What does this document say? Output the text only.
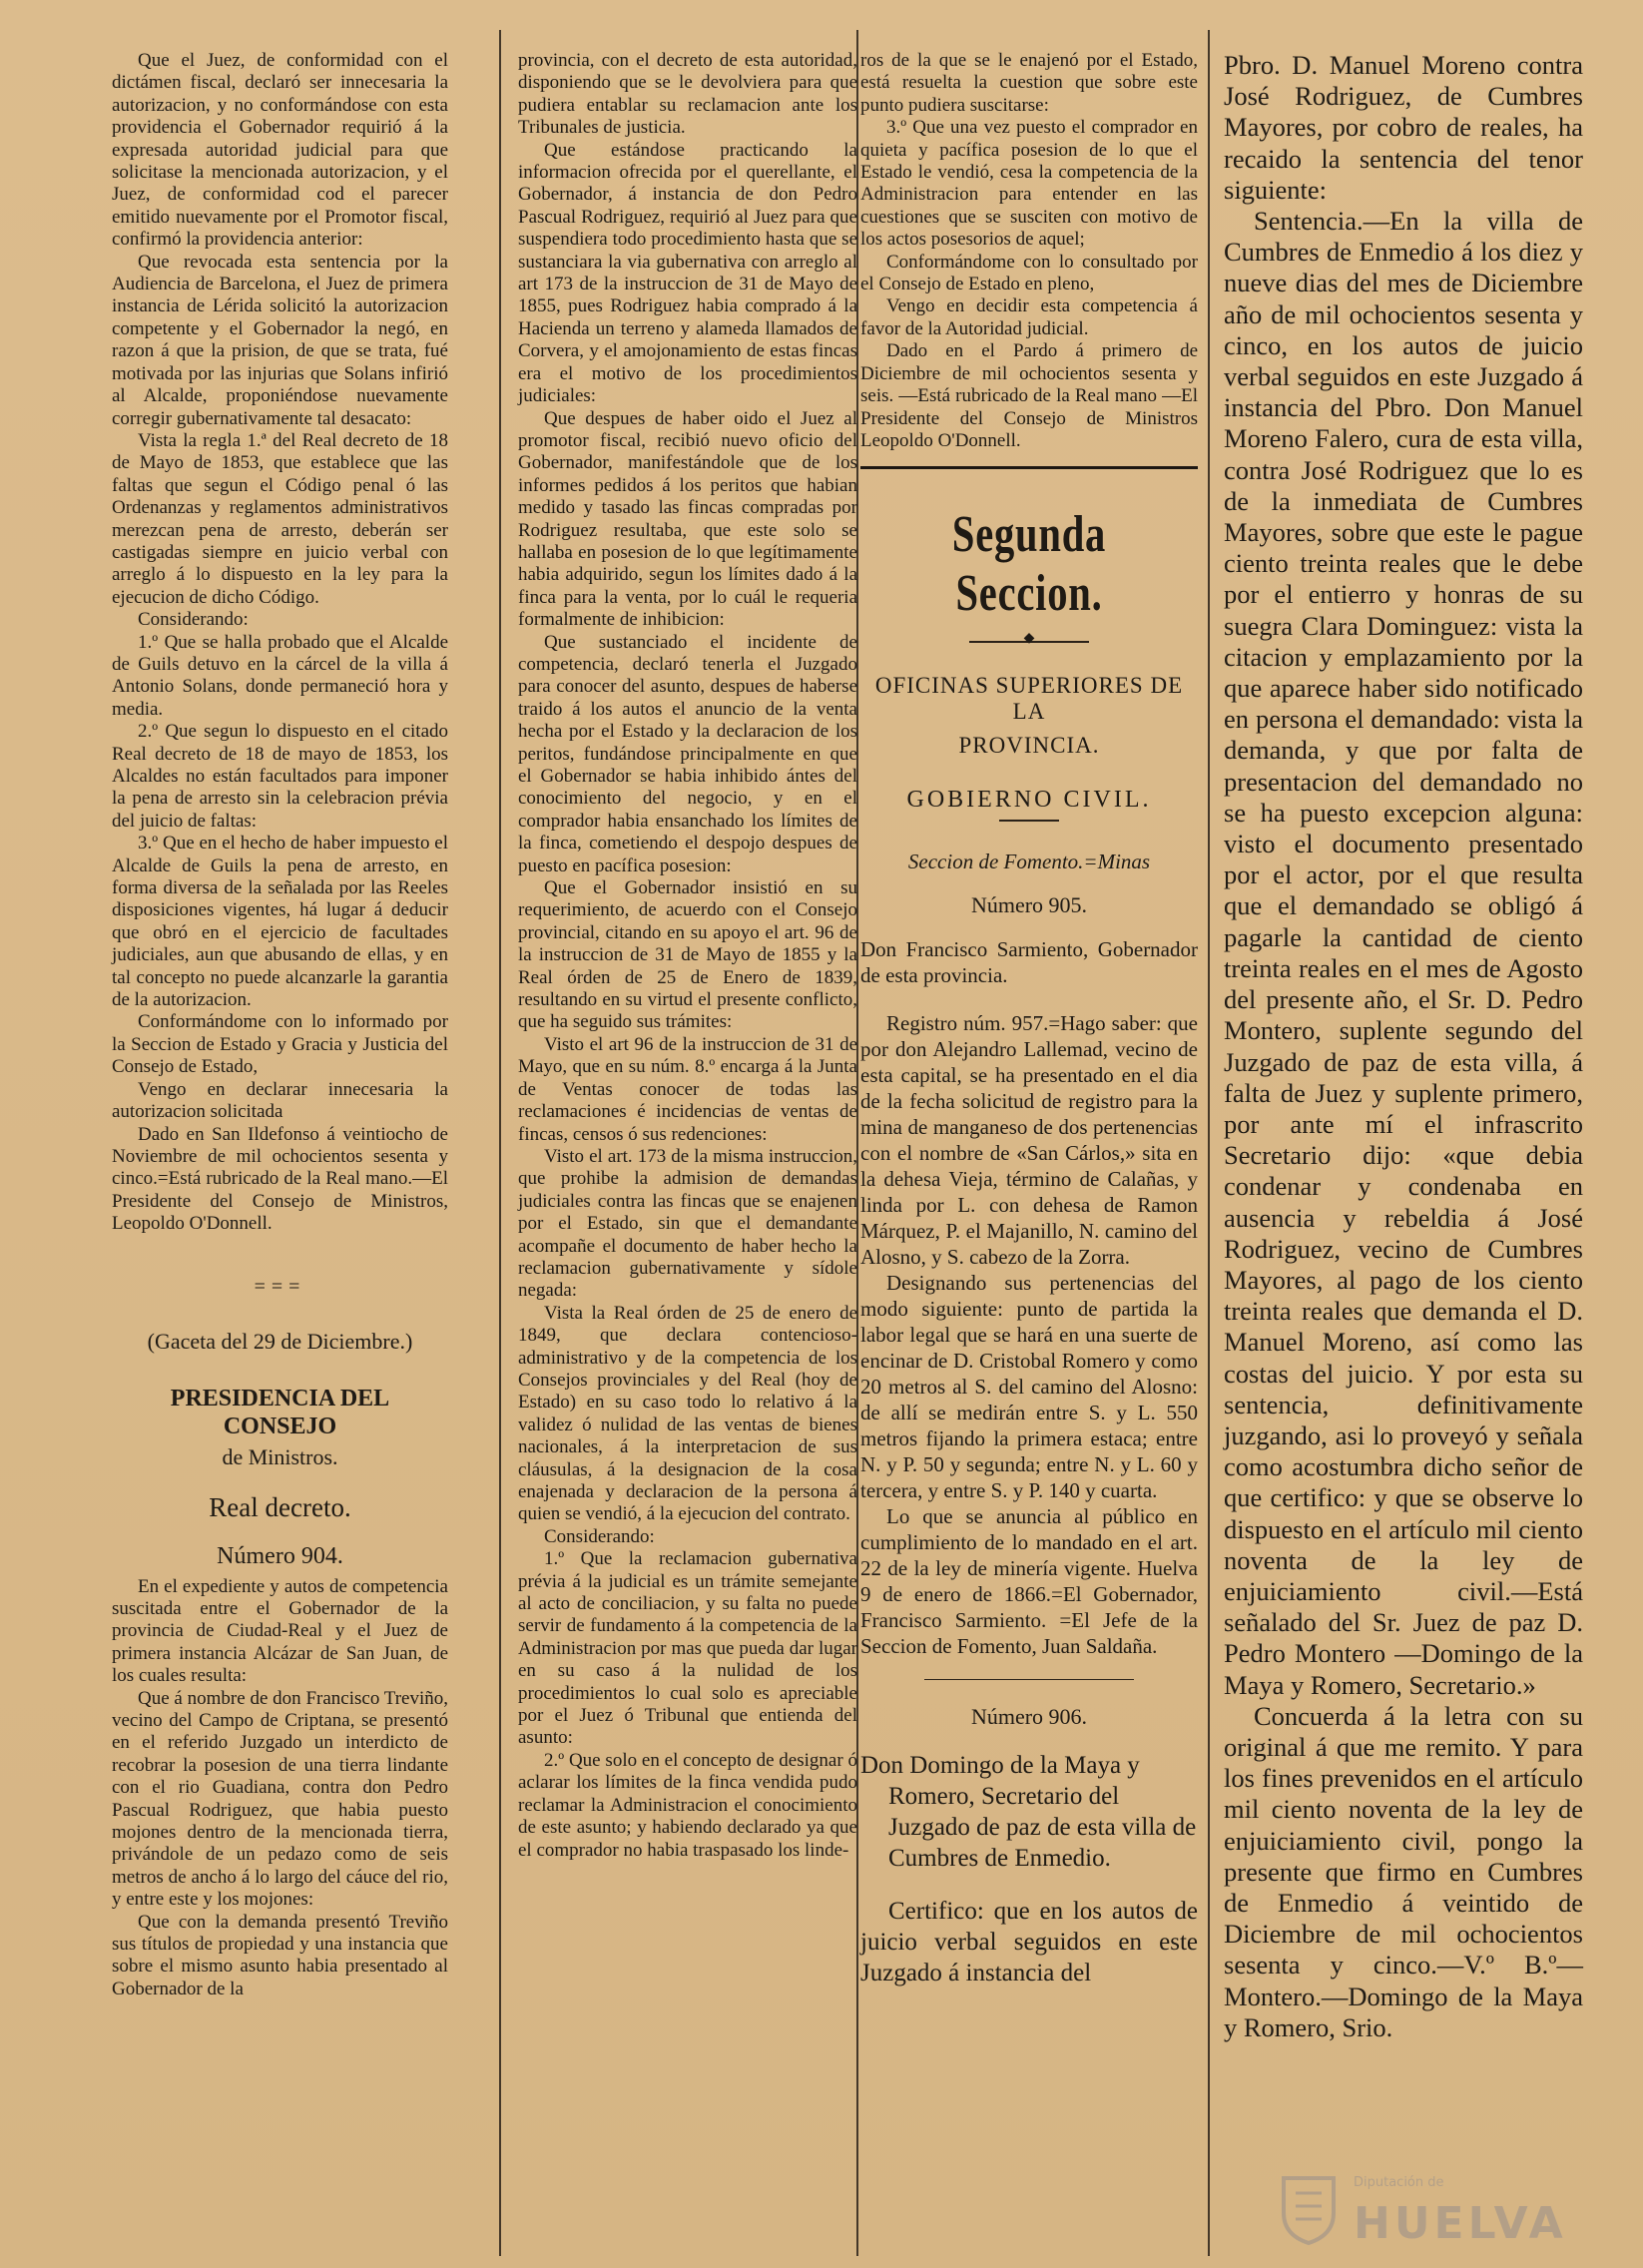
Que el Juez, de conformidad con el dictámen fiscal, declaró ser innecesaria la autorizacion, y no conformándose con esta providencia el Gobernador requirió á la expresada autoridad judicial para que solicitase la mencionada autorizacion, y el Juez, de conformidad cod el parecer emitido nuevamente por el Promotor fiscal, confirmó la providencia anterior:

Que revocada esta sentencia por la Audiencia de Barcelona, el Juez de primera instancia de Lérida solicitó la autorizacion competente y el Gobernador la negó, en razon á que la prision, de que se trata, fué motivada por las injurias que Solans infirió al Alcalde, proponiéndose nuevamente corregir gubernativamente tal desacato:

Vista la regla 1.ª del Real decreto de 18 de Mayo de 1853, que establece que las faltas que segun el Código penal ó las Ordenanzas y reglamentos administrativos merezcan pena de arresto, deberán ser castigadas siempre en juicio verbal con arreglo á lo dispuesto en la ley para la ejecucion de dicho Código.

Considerando:

1.º Que se halla probado que el Alcalde de Guils detuvo en la cárcel de la villa á Antonio Solans, donde permaneció hora y media.

2.º Que segun lo dispuesto en el citado Real decreto de 18 de mayo de 1853, los Alcaldes no están facultados para imponer la pena de arresto sin la celebracion prévia del juicio de faltas:

3.º Que en el hecho de haber impuesto el Alcalde de Guils la pena de arresto, en forma diversa de la señalada por las Reeles disposiciones vigentes, há lugar á deducir que obró en el ejercicio de facultades judiciales, aun que abusando de ellas, y en tal concepto no puede alcanzarle la garantia de la autorizacion.

Conformándome con lo informado por la Seccion de Estado y Gracia y Justicia del Consejo de Estado,

Vengo en declarar innecesaria la autorizacion solicitada

Dado en San Ildefonso á veintiocho de Noviembre de mil ochocientos sesenta y cinco.=Está rubricado de la Real mano.—El Presidente del Consejo de Ministros, Leopoldo O'Donnell.

===
(Gaceta del 29 de Diciembre.)
PRESIDENCIA DEL CONSEJO
de Ministros.
Real decreto.
Número 904.

En el expediente y autos de competencia suscitada entre el Gobernador de la provincia de Ciudad-Real y el Juez de primera instancia Alcázar de San Juan, de los cuales resulta:

Que á nombre de don Francisco Treviño, vecino del Campo de Criptana, se presentó en el referido Juzgado un interdicto de recobrar la posesion de una tierra lindante con el rio Guadiana, contra don Pedro Pascual Rodriguez, que habia puesto mojones dentro de la mencionada tierra, privándole de un pedazo como de seis metros de ancho á lo largo del cáuce del rio, y entre este y los mojones:

Que con la demanda presentó Treviño sus títulos de propiedad y una instancia que sobre el mismo asunto habia presentado al Gobernador de la

provincia, con el decreto de esta autoridad, disponiendo que se le devolviera para que pudiera entablar su reclamacion ante los Tribunales de justicia.

Que estándose practicando la informacion ofrecida por el querellante, el Gobernador, á instancia de don Pedro Pascual Rodriguez, requirió al Juez para que suspendiera todo procedimiento hasta que se sustanciara la via gubernativa con arreglo al art 173 de la instruccion de 31 de Mayo de 1855, pues Rodriguez habia comprado á la Hacienda un terreno y alameda llamados de Corvera, y el amojonamiento de estas fincas era el motivo de los procedimientos judiciales:

Que despues de haber oido el Juez al promotor fiscal, recibió nuevo oficio del Gobernador, manifestándole que de los informes pedidos á los peritos que habian medido y tasado las fincas compradas por Rodriguez resultaba, que este solo se hallaba en posesion de lo que legítimamente habia adquirido, segun los límites dado á la finca para la venta, por lo cuál le requeria formalmente de inhibicion:

Que sustanciado el incidente de competencia, declaró tenerla el Juzgado para conocer del asunto, despues de haberse traido á los autos el anuncio de la venta hecha por el Estado y la declaracion de los peritos, fundándose principalmente en que el Gobernador se habia inhibido ántes del conocimiento del negocio, y en el comprador habia ensanchado los límites de la finca, cometiendo el despojo despues de puesto en pacífica posesion:

Que el Gobernador insistió en su requerimiento, de acuerdo con el Consejo provincial, citando en su apoyo el art. 96 de la instruccion de 31 de Mayo de 1855 y la Real órden de 25 de Enero de 1839, resultando en su virtud el presente conflicto, que ha seguido sus trámites:

Visto el art 96 de la instruccion de 31 de Mayo, que en su núm. 8.º encarga á la Junta de Ventas conocer de todas las reclamaciones é incidencias de ventas de fincas, censos ó sus redenciones:

Visto el art. 173 de la misma instruccion, que prohibe la admision de demandas judiciales contra las fincas que se enajenen por el Estado, sin que el demandante acompañe el documento de haber hecho la reclamacion gubernativamente y sídole negada:

Vista la Real órden de 25 de enero de 1849, que declara contencioso-administrativo y de la competencia de los Consejos provinciales y del Real (hoy de Estado) en su caso todo lo relativo á la validez ó nulidad de las ventas de bienes nacionales, á la interpretacion de sus cláusulas, á la designacion de la cosa enajenada y declaracion de la persona á quien se vendió, á la ejecucion del contrato.

Considerando:

1.º Que la reclamacion gubernativa prévia á la judicial es un trámite semejante al acto de conciliacion, y su falta no puede servir de fundamento á la competencia de la Administracion por mas que pueda dar lugar en su caso á la nulidad de los procedimientos lo cual solo es apreciable por el Juez ó Tribunal que entienda del asunto:

2.º Que solo en el concepto de designar ó aclarar los límites de la finca vendida pudo reclamar la Administracion el conocimiento de este asunto; y habiendo declarado ya que el comprador no habia traspasado los linde-

ros de la que se le enajenó por el Estado, está resuelta la cuestion que sobre este punto pudiera suscitarse:

3.º Que una vez puesto el comprador en quieta y pacífica posesion de lo que el Estado le vendió, cesa la competencia de la Administracion para entender en las cuestiones que se susciten con motivo de los actos posesorios de aquel;

Conformándome con lo consultado por el Consejo de Estado en pleno,

Vengo en decidir esta competencia á favor de la Autoridad judicial.

Dado en el Pardo á primero de Diciembre de mil ochocientos sesenta y seis. —Está rubricado de la Real mano —El Presidente del Consejo de Ministros Leopoldo O'Donnell.

Segunda Seccion.
◆
OFICINAS SUPERIORES DE LA
PROVINCIA.
GOBIERNO CIVIL.
Seccion de Fomento.=Minas
Número 905.

Don Francisco Sarmiento, Gobernador de esta provincia.

Registro núm. 957.=Hago saber: que por don Alejandro Lallemad, vecino de esta capital, se ha presentado en el dia de la fecha solicitud de registro para la mina de manganeso de dos pertenencias con el nombre de «San Cárlos,» sita en la dehesa Vieja, término de Calañas, y linda por L. con dehesa de Ramon Márquez, P. el Majanillo, N. camino del Alosno, y S. cabezo de la Zorra.

Designando sus pertenencias del modo siguiente: punto de partida la labor legal que se hará en una suerte de encinar de D. Cristobal Romero y como 20 metros al S. del camino del Alosno: de allí se medirán entre S. y L. 550 metros fijando la primera estaca; entre N. y P. 50 y segunda; entre N. y L. 60 y tercera, y entre S. y P. 140 y cuarta.

Lo que se anuncia al público en cumplimiento de lo mandado en el art. 22 de la ley de minería vigente. Huelva 9 de enero de 1866.=El Gobernador, Francisco Sarmiento. =El Jefe de la Seccion de Fomento, Juan Saldaña.

Número 906.
Don Domingo de la Maya y Romero, Secretario del Juzgado de paz de esta villa de Cumbres de Enmedio.

Certifico: que en los autos de juicio verbal seguidos en este Juzgado á instancia del

Pbro. D. Manuel Moreno contra José Rodriguez, de Cumbres Mayores, por cobro de reales, ha recaido la sentencia del tenor siguiente:

Sentencia.—En la villa de Cumbres de Enmedio á los diez y nueve dias del mes de Diciembre año de mil ochocientos sesenta y cinco, en los autos de juicio verbal seguidos en este Juzgado á instancia del Pbro. Don Manuel Moreno Falero, cura de esta villa, contra José Rodriguez que lo es de la inmediata de Cumbres Mayores, sobre que este le pague ciento treinta reales que le debe por el entierro y honras de su suegra Clara Dominguez: vista la citacion y emplazamiento por la que aparece haber sido notificado en persona el demandado: vista la demanda, y que por falta de presentacion del demandado no se ha puesto excepcion alguna: visto el documento presentado por el actor, por el que resulta que el demandado se obligó á pagarle la cantidad de ciento treinta reales en el mes de Agosto del presente año, el Sr. D. Pedro Montero, suplente segundo del Juzgado de paz de esta villa, á falta de Juez y suplente primero, por ante mí el infrascrito Secretario dijo: «que debia condenar y condenaba en ausencia y rebeldia á José Rodriguez, vecino de Cumbres Mayores, al pago de los ciento treinta reales que demanda el D. Manuel Moreno, así como las costas del juicio. Y por esta su sentencia, definitivamente juzgando, asi lo proveyó y señala como acostumbra dicho señor de que certifico: y que se observe lo dispuesto en el artículo mil ciento noventa de la ley de enjuiciamiento civil.—Está señalado del Sr. Juez de paz D. Pedro Montero —Domingo de la Maya y Romero, Secretario.»

Concuerda á la letra con su original á que me remito. Y para los fines prevenidos en el artículo mil ciento noventa de la ley de enjuiciamiento civil, pongo la presente que firmo en Cumbres de Enmedio á veintido de Diciembre de mil ochocientos sesenta y cinco.—V.º B.º—Montero.—Domingo de la Maya y Romero, Srio.

Diputación de
HUELVA
